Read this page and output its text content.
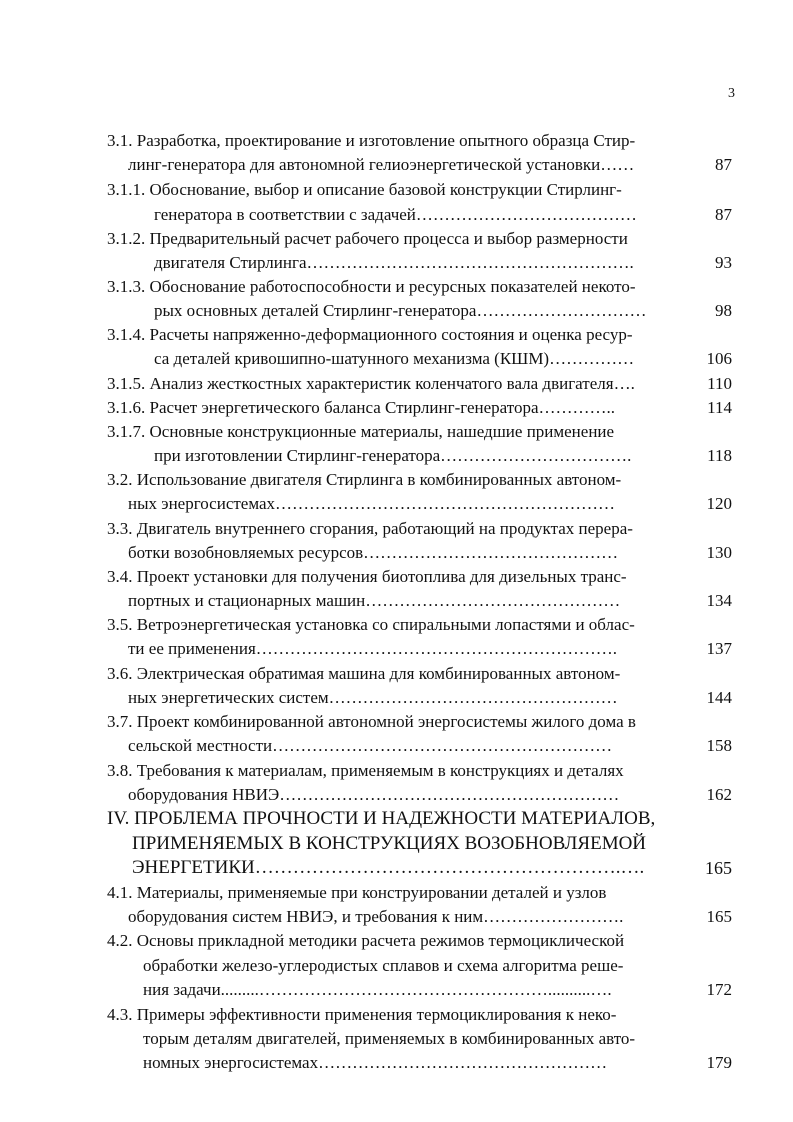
3
3.1. Разработка, проектирование и изготовление опытного образца Стир-
линг-генератора для автономной гелиоэнергетической установки……	87
3.1.1. Обоснование, выбор и описание базовой конструкции Стирлинг-
генератора в соответствии с задачей…………………………………	87
3.1.2. Предварительный расчет рабочего процесса и выбор размерности
двигателя Стирлинга………………………………………………….	93
3.1.3. Обоснование работоспособности и ресурсных показателей некото-
рых основных деталей Стирлинг-генератора…………………………	98
3.1.4. Расчеты напряженно-деформационного состояния и оценка ресур-
са деталей кривошипно-шатунного механизма (КШМ)……………	106
3.1.5. Анализ жесткостных характеристик коленчатого вала двигателя….	110
3.1.6. Расчет энергетического баланса Стирлинг-генератора…………..	114
3.1.7. Основные конструкционные материалы, нашедшие применение
при изготовлении Стирлинг-генератора…………………………….	118
3.2. Использование двигателя Стирлинга в комбинированных автоном-
ных энергосистемах……………………………………………………	120
3.3. Двигатель внутреннего сгорания, работающий на продуктах перера-
ботки возобновляемых ресурсов………………………………………	130
3.4. Проект установки для получения биотоплива для дизельных транс-
портных и стационарных машин………………………………………	134
3.5. Ветроэнергетическая установка со спиральными лопастями и облас-
ти ее применения……………………………………………………….	137
3.6. Электрическая обратимая машина для комбинированных автоном-
ных энергетических систем……………………………………………	144
3.7. Проект комбинированной автономной энергосистемы жилого дома в
сельской местности……………………………………………………	158
3.8. Требования к материалам, применяемым в конструкциях и деталях
оборудования НВИЭ……………………………………………………	162
IV. ПРОБЛЕМА ПРОЧНОСТИ И НАДЕЖНОСТИ МАТЕРИАЛОВ,
ПРИМЕНЯЕМЫХ В КОНСТРУКЦИЯХ ВОЗОБНОВЛЯЕМОЙ
ЭНЕРГЕТИКИ………………………………………………….….	165
4.1. Материалы, применяемые при конструировании деталей и узлов
оборудования систем НВИЭ, и требования к ним…………………….	165
4.2. Основы прикладной методики расчета режимов термоциклической
обработки железо-углеродистых сплавов и схема алгоритма реше-
ния задачи.........……………………………………………..........….	172
4.3. Примеры эффективности применения термоциклирования к неко-
торым деталям двигателей, применяемых в комбинированных авто-
номных энергосистемах……………………………………………	179
